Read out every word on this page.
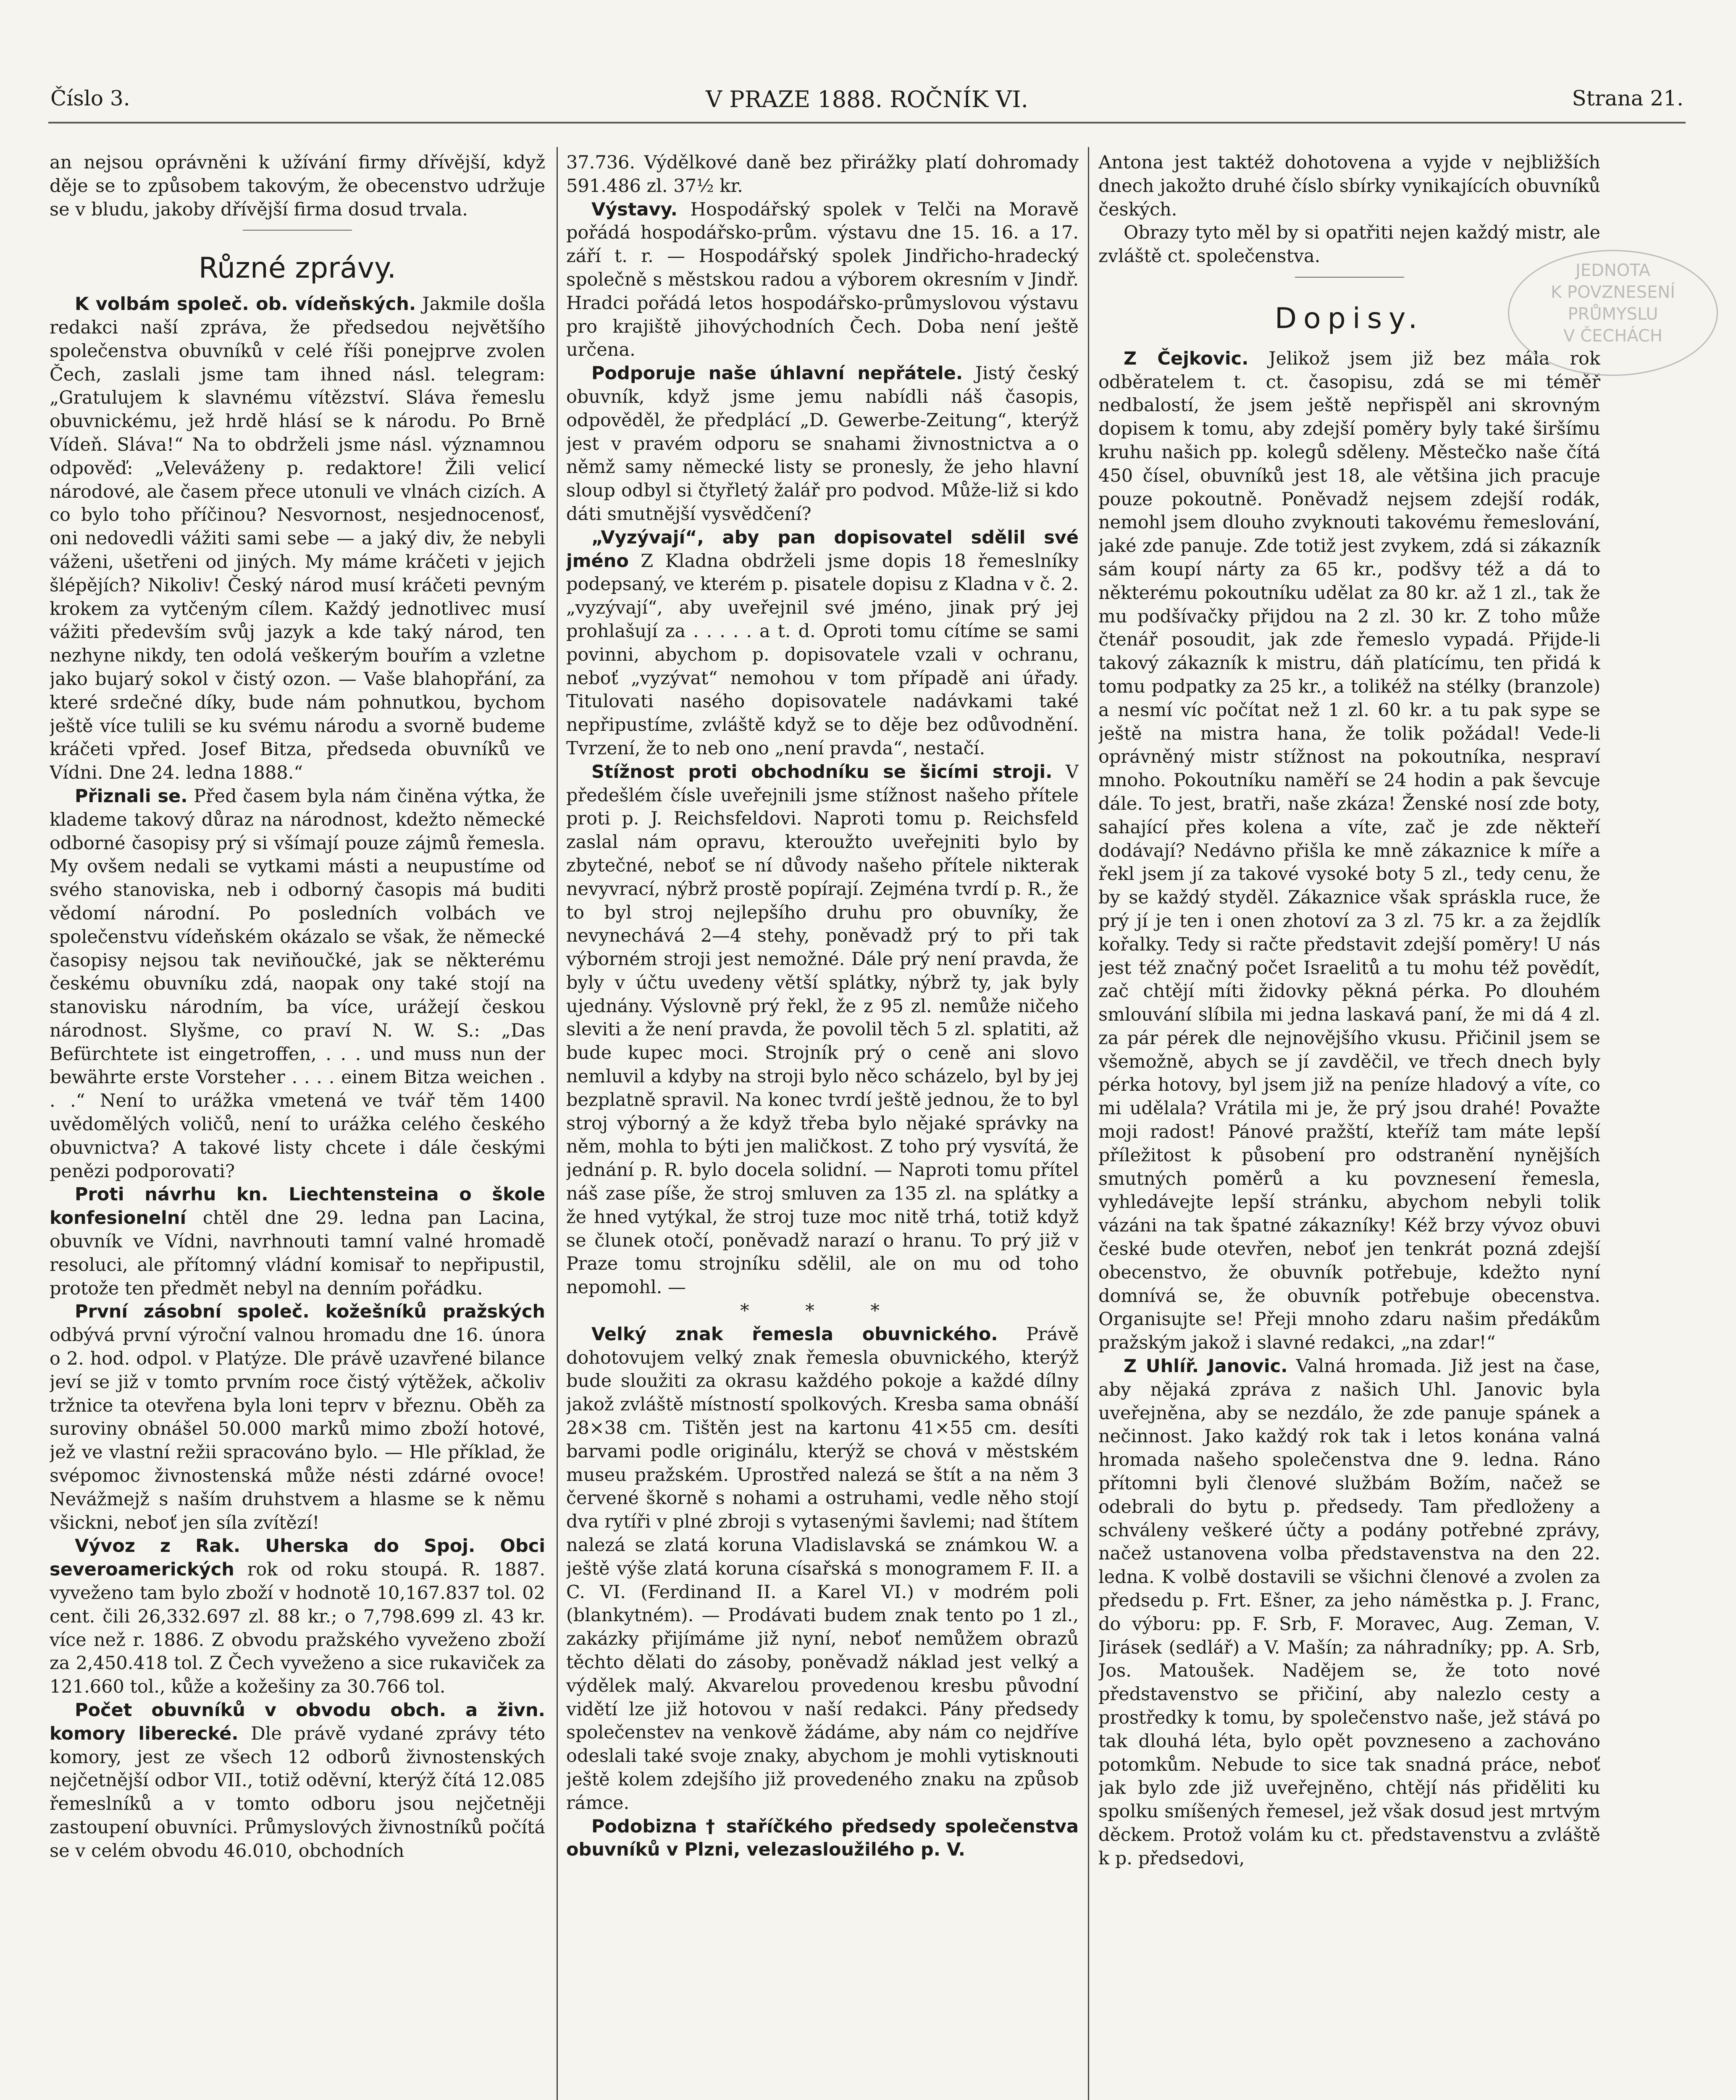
Číslo 3.	V PRAZE 1888. ROČNÍK VI.	Strana 21.

an nejsou oprávněni k užívání firmy dřívější, když děje se to způsobem takovým, že obecenstvo udržuje se v bludu, jakoby dřívější firma dosud trvala.

Různé zprávy.

K volbám společ. ob. vídeňských. Jakmile došla redakci naší zpráva, že předsedou největšího společenstva obuvníků v celé říši ponejprve zvolen Čech, zaslali jsme tam ihned násl. telegram: „Gratulujem k slavnému vítězství. Sláva řemeslu obuvnickému, jež hrdě hlásí se k národu. Po Brně Vídeň. Sláva!“ Na to obdrželi jsme násl. významnou odpověď: „Veleváženy p. redaktore! Žili velicí národové, ale časem přece utonuli ve vlnách cizích. A co bylo toho příčinou? Nesvornost, nesjednocenosť, oni nedovedli vážiti sami sebe — a jaký div, že nebyli váženi, ušetřeni od jiných. My máme kráčeti v jejich šlépějích? Nikoliv! Český národ musí kráčeti pevným krokem za vytčeným cílem. Každý jednotlivec musí vážiti především svůj jazyk a kde taký národ, ten nezhyne nikdy, ten odolá veškerým bouřím a vzletne jako bujarý sokol v čistý ozon. — Vaše blahopřání, za které srdečné díky, bude nám pohnutkou, bychom ještě více tulili se ku svému národu a svorně budeme kráčeti vpřed. Josef Bitza, předseda obuvníků ve Vídni. Dne 24. ledna 1888.“

Přiznali se. Před časem byla nám činěna výtka, že klademe takový důraz na národnost, kdežto německé odborné časopisy prý si všímají pouze zájmů řemesla. My ovšem nedali se vytkami másti a neupustíme od svého stanoviska, neb i odborný časopis má buditi vědomí národní. Po posledních volbách ve společenstvu vídeňském okázalo se však, že německé časopisy nejsou tak neviňoučké, jak se některému českému obuvníku zdá, naopak ony také stojí na stanovisku národním, ba více, urážejí českou národnost. Slyšme, co praví N. W. S.: „Das Befürchtete ist eingetroffen, . . . und muss nun der bewährte erste Vorsteher . . . . einem Bitza weichen . . .“ Není to urážka vmetená ve tvář těm 1400 uvědomělých voličů, není to urážka celého českého obuvnictva? A takové listy chcete i dále českými penězi podporovati?

Proti návrhu kn. Liechtensteina o škole konfesionelní chtěl dne 29. ledna pan Lacina, obuvník ve Vídni, navrhnouti tamní valné hromadě resoluci, ale přítomný vládní komisař to nepřipustil, protože ten předmět nebyl na denním pořádku.

První zásobní společ. kožešníků pražských odbývá první výroční valnou hromadu dne 16. února o 2. hod. odpol. v Platýze. Dle právě uzavřené bilance jeví se již v tomto prvním roce čistý výtěžek, ačkoliv tržnice ta otevřena byla loni teprv v březnu. Oběh za suroviny obnášel 50.000 marků mimo zboží hotové, jež ve vlastní režii spracováno bylo. — Hle příklad, že svépomoc živnostenská může nésti zdárné ovoce! Nevážmejž s naším druhstvem a hlasme se k němu všickni, neboť jen síla zvítězí!

Vývoz z Rak. Uherska do Spoj. Obci severoamerických rok od roku stoupá. R. 1887. vyveženo tam bylo zboží v hodnotě 10,167.837 tol. 02 cent. čili 26,332.697 zl. 88 kr.; o 7,798.699 zl. 43 kr. více než r. 1886. Z obvodu pražského vyveženo zboží za 2,450.418 tol. Z Čech vyveženo a sice rukaviček za 121.660 tol., kůže a kožešiny za 30.766 tol.

Počet obuvníků v obvodu obch. a živn. komory liberecké. Dle právě vydané zprávy této komory, jest ze všech 12 odborů živnostenských nejčetnější odbor VII., totiž oděvní, kterýž čítá 12.085 řemeslníků a v tomto odboru jsou nejčetněji zastoupení obuvníci. Průmyslových živnostníků počítá se v celém obvodu 46.010, obchodních

37.736. Výdělkové daně bez přirážky platí dohromady 591.486 zl. 37½ kr.

Výstavy. Hospodářský spolek v Telči na Moravě pořádá hospodářsko-prům. výstavu dne 15. 16. a 17. září t. r. — Hospodářský spolek Jindřicho-hradecký společně s městskou radou a výborem okresním v Jindř. Hradci pořádá letos hospodářsko-průmyslovou výstavu pro krajiště jihovýchodních Čech. Doba není ještě určena.

Podporuje naše úhlavní nepřátele. Jistý český obuvník, když jsme jemu nabídli náš časopis, odpověděl, že předplácí „D. Gewerbe-Zeitung“, kterýž jest v pravém odporu se snahami živnostnictva a o němž samy německé listy se pronesly, že jeho hlavní sloup odbyl si čtyřletý žalář pro podvod. Může-liž si kdo dáti smutnější vysvědčení?

„Vyzývají“, aby pan dopisovatel sdělil své jméno Z Kladna obdrželi jsme dopis 18 řemeslníky podepsaný, ve kterém p. pisatele dopisu z Kladna v č. 2. „vyzývají“, aby uveřejnil své jméno, jinak prý jej prohlašují za . . . . . a t. d. Oproti tomu cítíme se sami povinni, abychom p. dopisovatele vzali v ochranu, neboť „vyzývat“ nemohou v tom případě ani úřady. Titulovati nasého dopisovatele nadávkami také nepřipustíme, zvláště když se to děje bez odůvodnění. Tvrzení, že to neb ono „není pravda“, nestačí.

Stížnost proti obchodníku se šicími stroji. V předešlém čísle uveřejnili jsme stížnost našeho přítele proti p. J. Reichsfeldovi. Naproti tomu p. Reichsfeld zaslal nám opravu, kteroužto uveřejniti bylo by zbytečné, neboť se ní důvody našeho přítele nikterak nevyvrací, nýbrž prostě popírají. Zejména tvrdí p. R., že to byl stroj nejlepšího druhu pro obuvníky, že nevynechává 2—4 stehy, poněvadž prý to při tak výborném stroji jest nemožné. Dále prý není pravda, že byly v účtu uvedeny větší splátky, nýbrž ty, jak byly ujednány. Výslovně prý řekl, že z 95 zl. nemůže ničeho sleviti a že není pravda, že povolil těch 5 zl. splatiti, až bude kupec moci. Strojník prý o ceně ani slovo nemluvil a kdyby na stroji bylo něco scházelo, byl by jej bezplatně spravil. Na konec tvrdí ještě jednou, že to byl stroj výborný a že když třeba bylo nějaké správky na něm, mohla to býti jen maličkost. Z toho prý vysvítá, že jednání p. R. bylo docela solidní. — Naproti tomu přítel náš zase píše, že stroj smluven za 135 zl. na splátky a že hned vytýkal, že stroj tuze moc nitě trhá, totiž když se člunek otočí, poněvadž narazí o hranu. To prý již v Praze tomu strojníku sdělil, ale on mu od toho nepomohl. —

* * *

Velký znak řemesla obuvnického. Právě dohotovujem velký znak řemesla obuvnického, kterýž bude sloužiti za okrasu každého pokoje a každé dílny jakož zvláště místností spolkových. Kresba sama obnáší 28×38 cm. Tištěn jest na kartonu 41×55 cm. desíti barvami podle originálu, kterýž se chová v městském museu pražském. Uprostřed nalezá se štít a na něm 3 červené škorně s nohami a ostruhami, vedle něho stojí dva rytíři v plné zbroji s vytasenými šavlemi; nad štítem nalezá se zlatá koruna Vladislavská se známkou W. a ještě výše zlatá koruna císařská s monogramem F. II. a C. VI. (Ferdinand II. a Karel VI.) v modrém poli (blankytném). — Prodávati budem znak tento po 1 zl., zakázky přijímáme již nyní, neboť nemůžem obrazů těchto dělati do zásoby, poněvadž náklad jest velký a výdělek malý. Akvarelou provedenou kresbu původní vidětí lze již hotovou v naší redakci. Pány předsedy společenstev na venkově žádáme, aby nám co nejdříve odeslali také svoje znaky, abychom je mohli vytisknouti ještě kolem zdejšího již provedeného znaku na způsob rámce.

Podobizna † staříčkého předsedy společenstva obuvníků v Plzni, velezasloužilého p. V.

Antona jest taktéž dohotovena a vyjde v nejbližších dnech jakožto druhé číslo sbírky vynikajících obuvníků českých.

Obrazy tyto měl by si opatřiti nejen každý mistr, ale zvláště ct. společenstva.

Dopisy.

Z Čejkovic. Jelikož jsem již bez mála rok odběratelem t. ct. časopisu, zdá se mi téměř nedbalostí, že jsem ještě nepřispěl ani skrovným dopisem k tomu, aby zdejší poměry byly také širšímu kruhu našich pp. kolegů sděleny. Městečko naše čítá 450 čísel, obuvníků jest 18, ale většina jich pracuje pouze pokoutně. Poněvadž nejsem zdejší rodák, nemohl jsem dlouho zvyknouti takovému řemeslování, jaké zde panuje. Zde totiž jest zvykem, zdá si zákazník sám koupí nárty za 65 kr., podšvy též a dá to některému pokoutníku udělat za 80 kr. až 1 zl., tak že mu podšívačky přijdou na 2 zl. 30 kr. Z toho může čtenář posoudit, jak zde řemeslo vypadá. Přijde-li takový zákazník k mistru, dáň platícímu, ten přidá k tomu podpatky za 25 kr., a tolikéž na stélky (branzole) a nesmí víc počítat než 1 zl. 60 kr. a tu pak sype se ještě na mistra hana, že tolik požádal! Vede-li oprávněný mistr stížnost na pokoutníka, nespraví mnoho. Pokoutníku naměří se 24 hodin a pak ševcuje dále. To jest, bratři, naše zkáza! Ženské nosí zde boty, sahající přes kolena a víte, zač je zde někteří dodávají? Nedávno přišla ke mně zákaznice k míře a řekl jsem jí za takové vysoké boty 5 zl., tedy cenu, že by se každý styděl. Zákaznice však spráskla ruce, že prý jí je ten i onen zhotoví za 3 zl. 75 kr. a za žejdlík kořalky. Tedy si račte představit zdejší poměry! U nás jest též značný počet Israelitů a tu mohu též povědít, zač chtějí míti židovky pěkná pérka. Po dlouhém smlouvání slíbila mi jedna laskavá paní, že mi dá 4 zl. za pár pérek dle nejnovějšího vkusu. Přičinil jsem se všemožně, abych se jí zavděčil, ve třech dnech byly pérka hotovy, byl jsem již na peníze hladový a víte, co mi udělala? Vrátila mi je, že prý jsou drahé! Považte moji radost! Pánové pražští, kteříž tam máte lepší příležitost k působení pro odstranění nynějších smutných poměrů a ku povznesení řemesla, vyhledávejte lepší stránku, abychom nebyli tolik vázáni na tak špatné zákazníky! Kéž brzy vývoz obuvi české bude otevřen, neboť jen tenkrát pozná zdejší obecenstvo, že obuvník potřebuje, kdežto nyní domnívá se, že obuvník potřebuje obecenstva. Organisujte se! Přeji mnoho zdaru našim předákům pražským jakož i slavné redakci, „na zdar!“

Z Uhlíř. Janovic. Valná hromada. Již jest na čase, aby nějaká zpráva z našich Uhl. Janovic byla uveřejněna, aby se nezdálo, že zde panuje spánek a nečinnost. Jako každý rok tak i letos konána valná hromada našeho společenstva dne 9. ledna. Ráno přítomni byli členové službám Božím, načež se odebrali do bytu p. předsedy. Tam předloženy a schváleny veškeré účty a podány potřebné zprávy, načež ustanovena volba představenstva na den 22. ledna. K volbě dostavili se všichni členové a zvolen za předsedu p. Frt. Ešner, za jeho náměstka p. J. Franc, do výboru: pp. F. Srb, F. Moravec, Aug. Zeman, V. Jirásek (sedlář) a V. Mašín; za náhradníky; pp. A. Srb, Jos. Matoušek. Nadějem se, že toto nové představenstvo se přičiní, aby nalezlo cesty a prostředky k tomu, by společenstvo naše, jež stává po tak dlouhá léta, bylo opět povzneseno a zachováno potomkům. Nebude to sice tak snadná práce, neboť jak bylo zde již uveřejněno, chtějí nás přiděliti ku spolku smíšených řemesel, jež však dosud jest mrtvým děckem. Protož volám ku ct. představenstvu a zvláště k p. předsedovi,

JEDNOTA
K POVZNESENÍ
PRŮMYSLU
V ČECHÁCH
